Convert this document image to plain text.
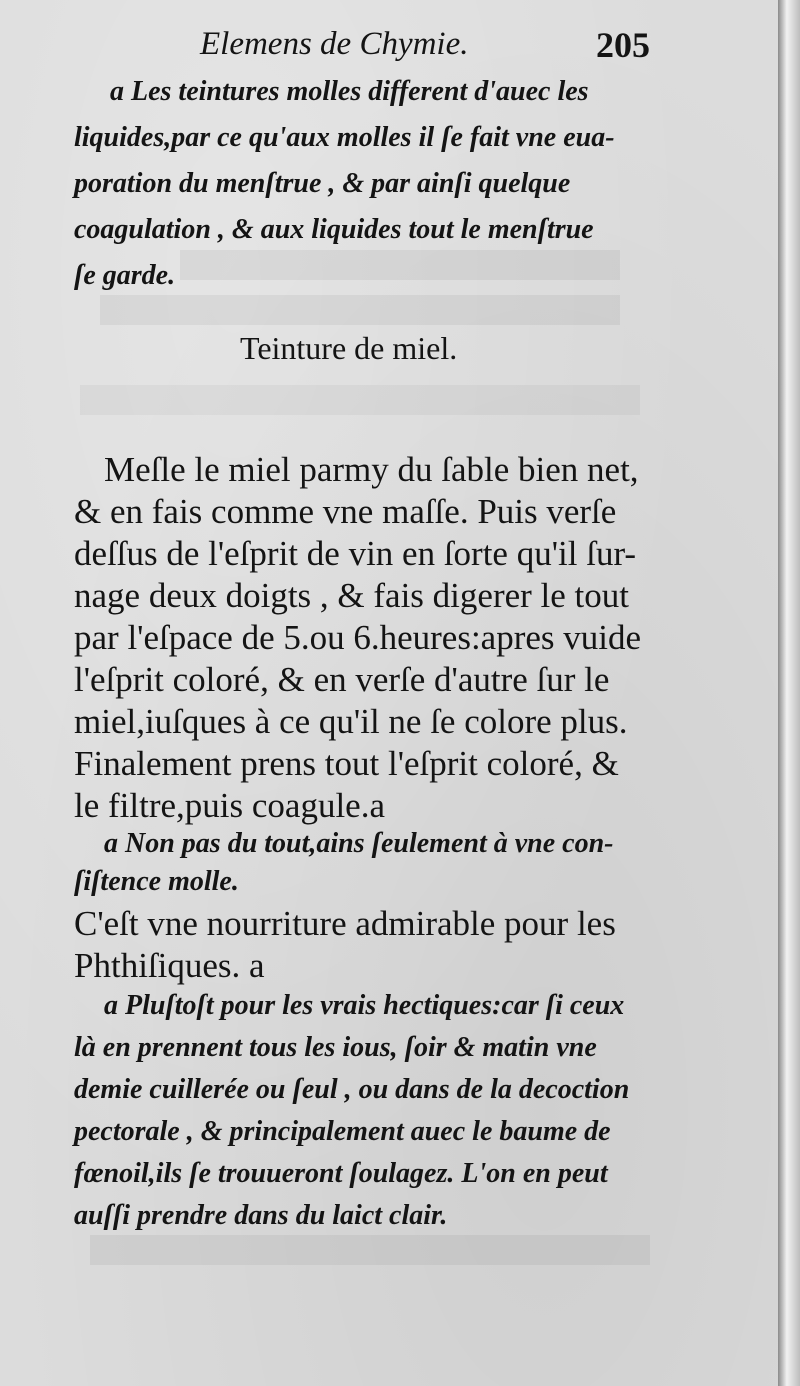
Elemens de Chymie.	205
a Les teintures molles different d'auec les
liquides,par ce qu'aux molles il ſe fait vne eua-
poration du menſtrue , & par ainſi quelque
coagulation , & aux liquides tout le menſtrue
ſe garde.
Teinture de miel.
Meſle le miel parmy du ſable bien net,
& en fais comme vne maſſe. Puis verſe
deſſus de l'eſprit de vin en ſorte qu'il ſur-
nage deux doigts , & fais digerer le tout
par l'eſpace de 5.ou 6.heures:apres vuide
l'eſprit coloré, & en verſe d'autre ſur le
miel,iuſques à ce qu'il ne ſe colore plus.
Finalement prens tout l'eſprit coloré, &
le filtre,puis coagule.a
a Non pas du tout,ains ſeulement à vne con-
ſiſtence molle.
C'eſt vne nourriture admirable pour les
Phthiſiques. a
a Pluſtoſt pour les vrais hectiques:car ſi ceux
là en prennent tous les ious, ſoir & matin vne
demie cuillerée ou ſeul , ou dans de la decoction
pectorale , & principalement auec le baume de
fœnoil,ils ſe trouueront ſoulagez. L'on en peut
auſſi prendre dans du laict clair.
